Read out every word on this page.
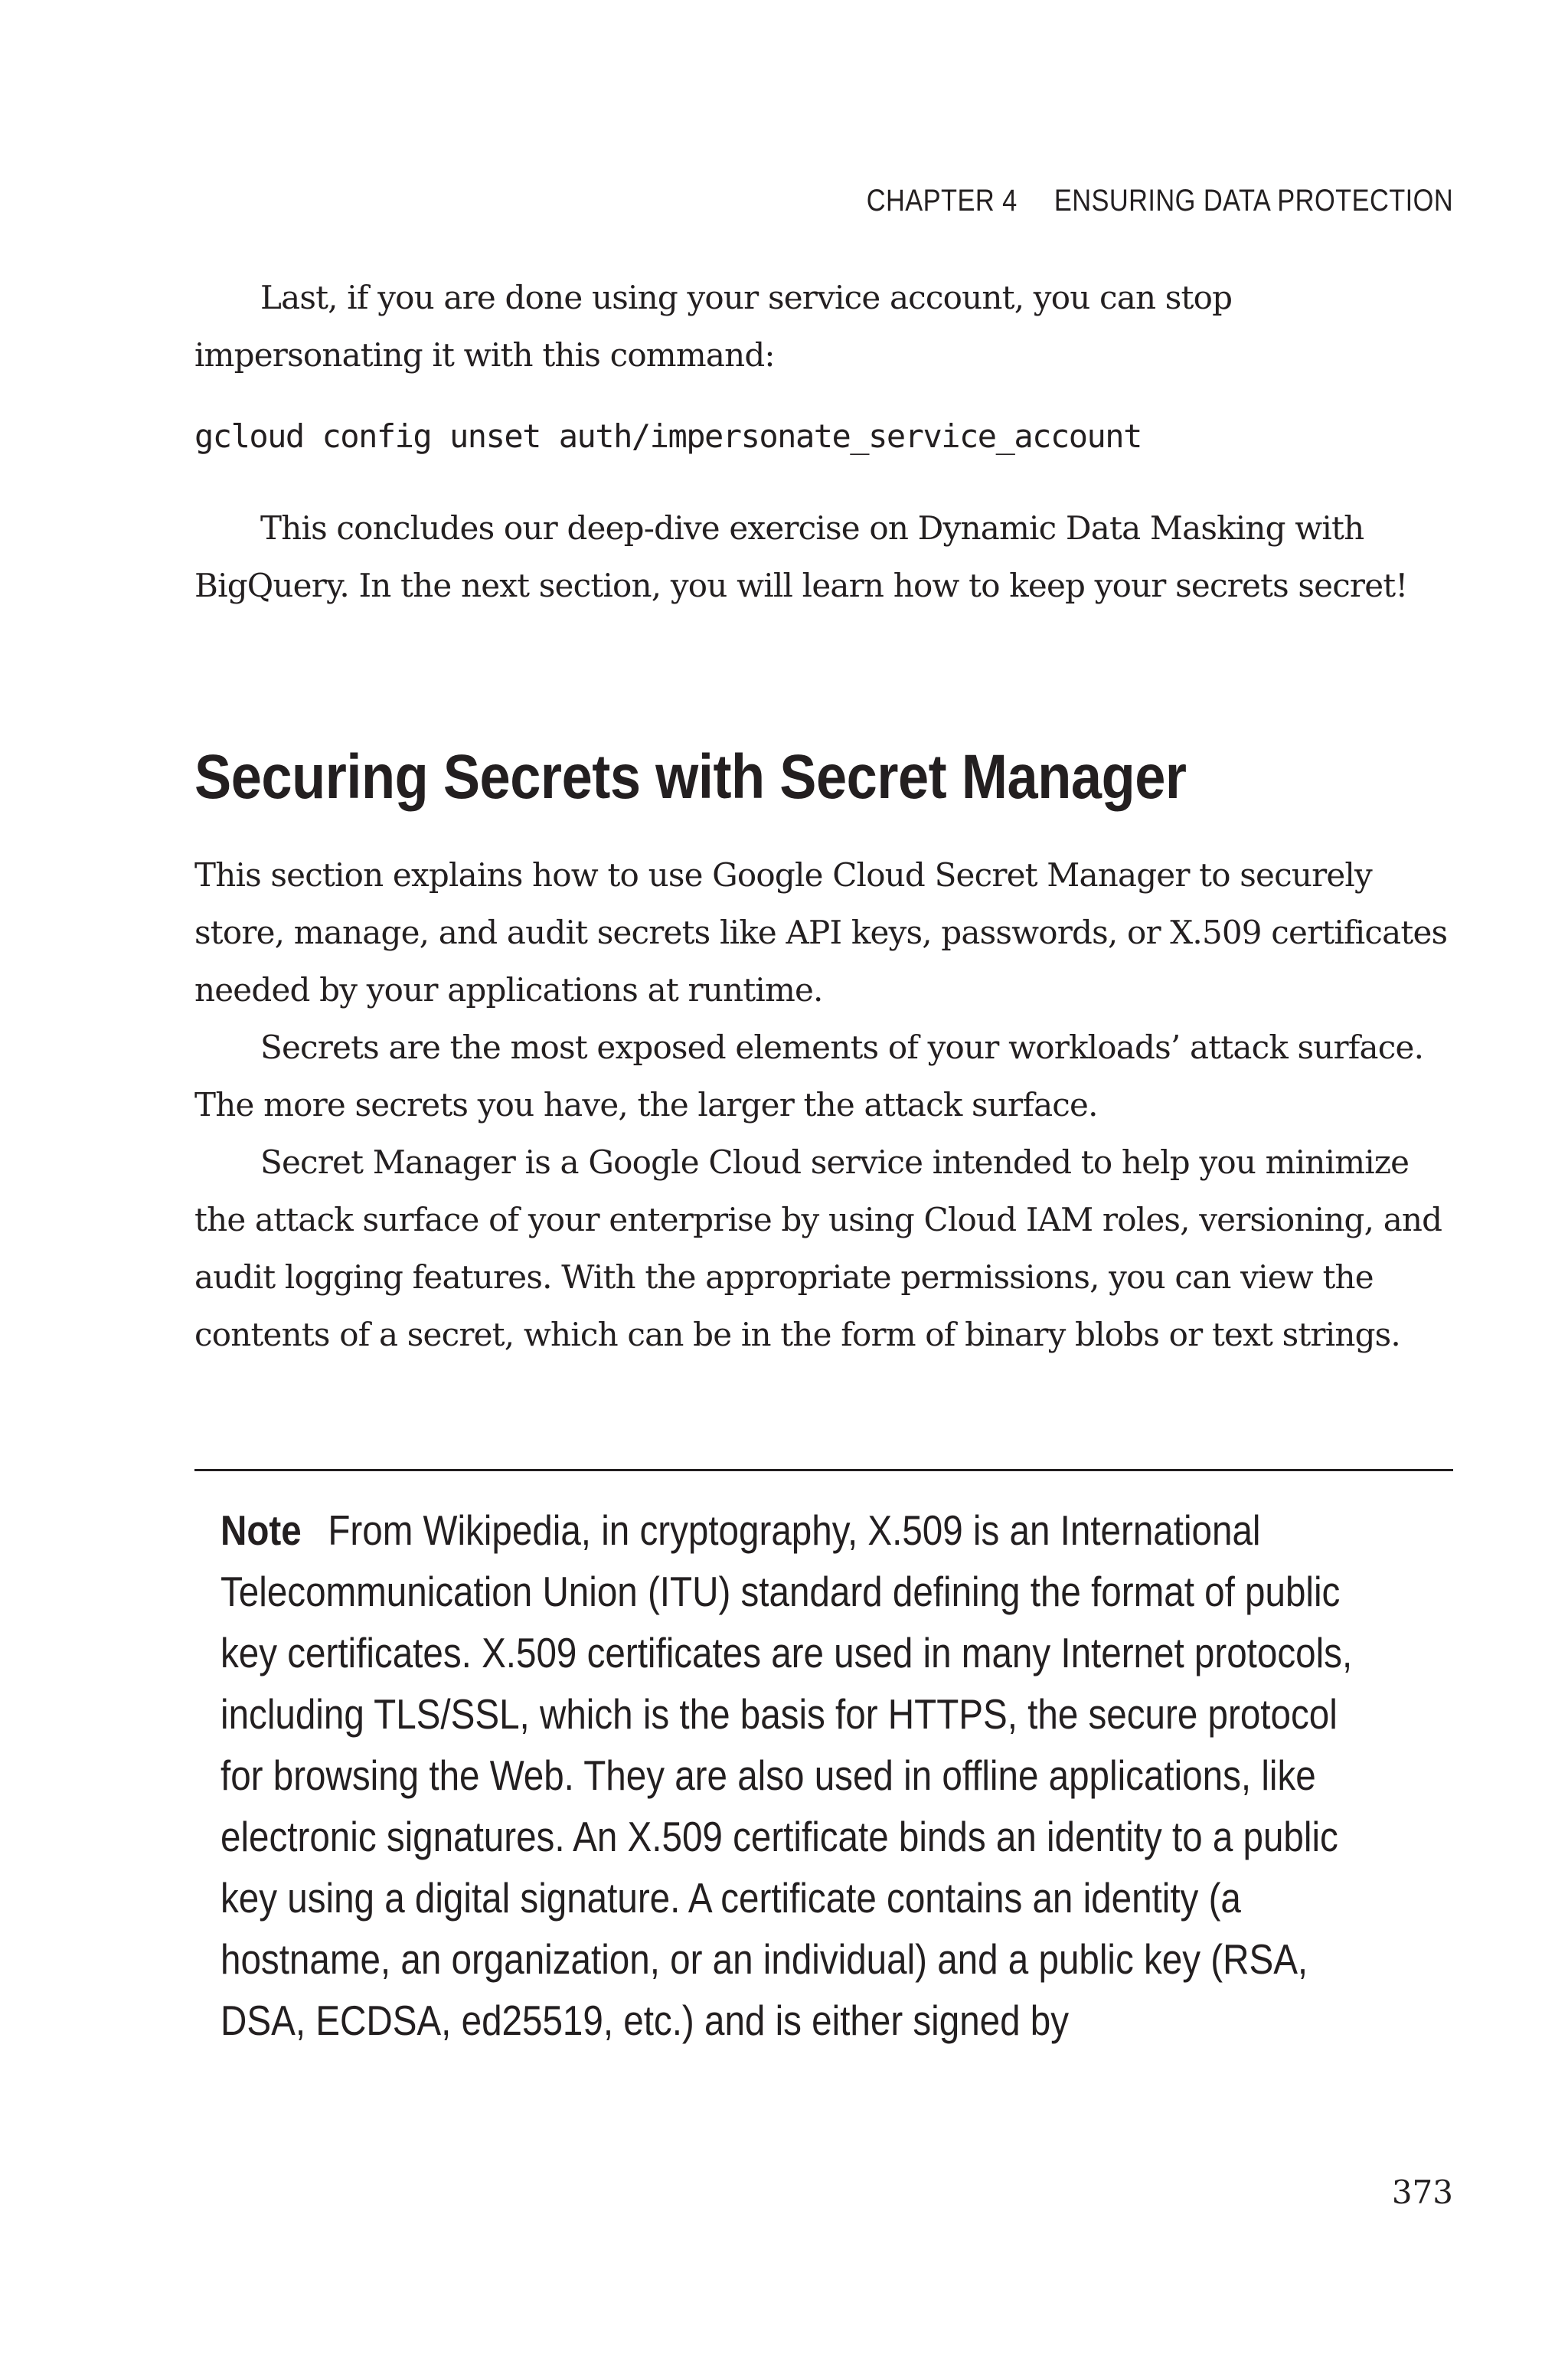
CHAPTER 4 ENSURING DATA PROTECTION

Last, if you are done using your service account, you can stop impersonating it with this command:

gcloud config unset auth/impersonate_service_account

This concludes our deep-dive exercise on Dynamic Data Masking with BigQuery. In the next section, you will learn how to keep your secrets secret!

Securing Secrets with Secret Manager

This section explains how to use Google Cloud Secret Manager to securely store, manage, and audit secrets like API keys, passwords, or X.509 certificates needed by your applications at runtime.

Secrets are the most exposed elements of your workloads’ attack surface. The more secrets you have, the larger the attack surface.

Secret Manager is a Google Cloud service intended to help you minimize the attack surface of your enterprise by using Cloud IAM roles, versioning, and audit logging features. With the appropriate permissions, you can view the contents of a secret, which can be in the form of binary blobs or text strings.

Note From Wikipedia, in cryptography, X.509 is an International Telecommunication Union (ITU) standard defining the format of public key certificates. X.509 certificates are used in many Internet protocols, including TLS/SSL, which is the basis for HTTPS, the secure protocol for browsing the Web. They are also used in offline applications, like electronic signatures. An X.509 certificate binds an identity to a public key using a digital signature. A certificate contains an identity (a hostname, an organization, or an individual) and a public key (RSA, DSA, ECDSA, ed25519, etc.) and is either signed by
373
